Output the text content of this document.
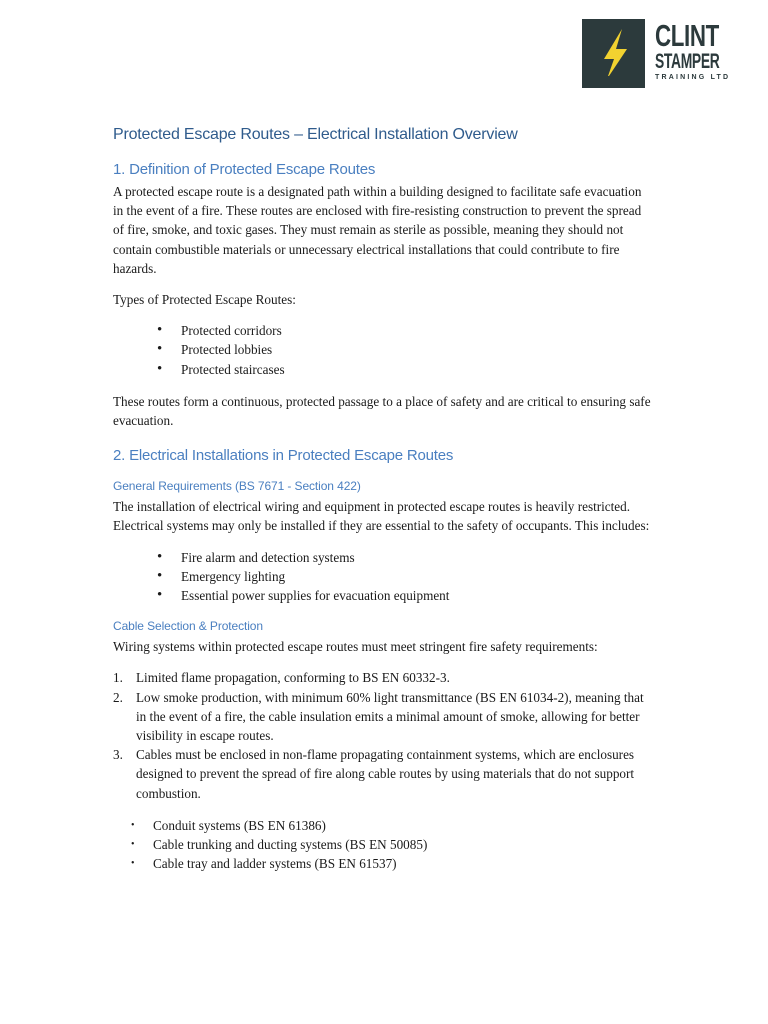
CLINT
STAMPER
TRAINING LTD
Protected Escape Routes – Electrical Installation Overview
1. Definition of Protected Escape Routes

A protected escape route is a designated path within a building designed to facilitate safe evacuation in the event of a fire. These routes are enclosed with fire-resisting construction to prevent the spread of fire, smoke, and toxic gases. They must remain as sterile as possible, meaning they should not contain combustible materials or unnecessary electrical installations that could contribute to fire hazards.

Types of Protected Escape Routes:

• Protected corridors
• Protected lobbies
• Protected staircases

These routes form a continuous, protected passage to a place of safety and are critical to ensuring safe evacuation.

2. Electrical Installations in Protected Escape Routes
General Requirements (BS 7671 - Section 422)

The installation of electrical wiring and equipment in protected escape routes is heavily restricted. Electrical systems may only be installed if they are essential to the safety of occupants. This includes:

• Fire alarm and detection systems
• Emergency lighting
• Essential power supplies for evacuation equipment
Cable Selection & Protection

Wiring systems within protected escape routes must meet stringent fire safety requirements:

1. Limited flame propagation, conforming to BS EN 60332-3.
2. Low smoke production, with minimum 60% light transmittance (BS EN 61034-2), meaning that in the event of a fire, the cable insulation emits a minimal amount of smoke, allowing for better visibility in escape routes.
3. Cables must be enclosed in non-flame propagating containment systems, which are enclosures designed to prevent the spread of fire along cable routes by using materials that do not support combustion.
• Conduit systems (BS EN 61386)
• Cable trunking and ducting systems (BS EN 50085)
• Cable tray and ladder systems (BS EN 61537)
